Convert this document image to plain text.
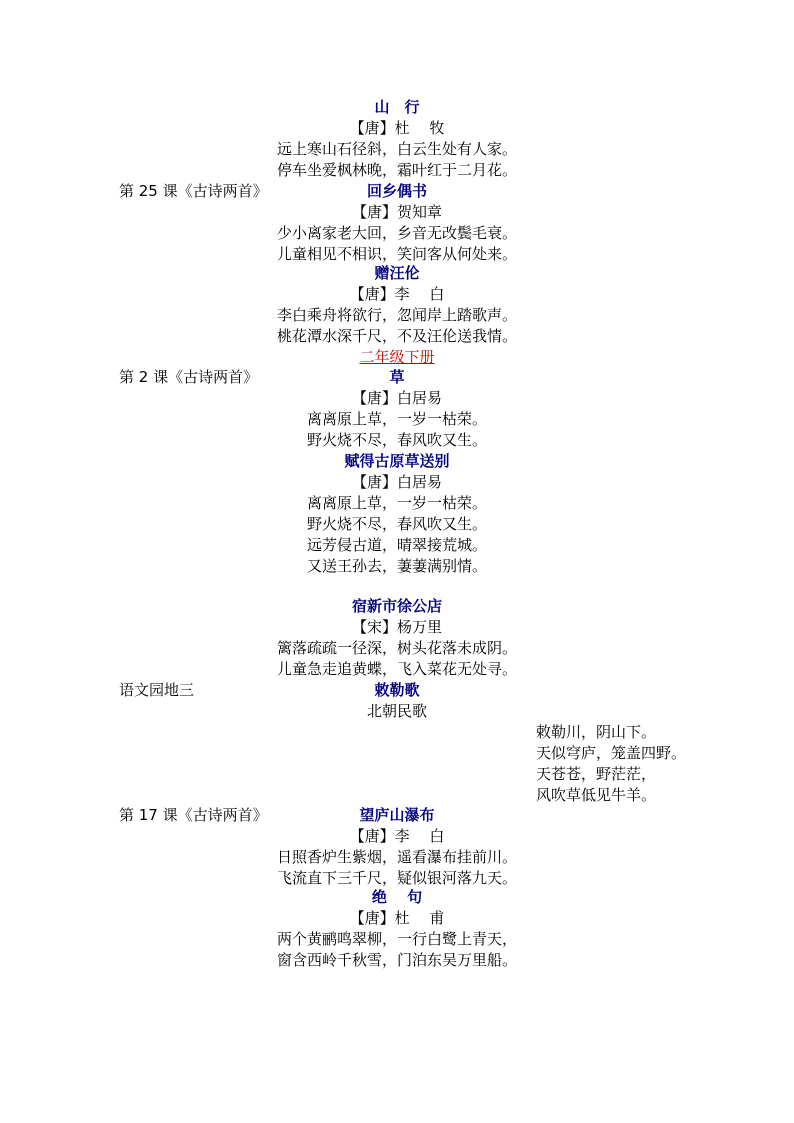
山　行
【唐】杜　 牧
远上寒山石径斜，白云生处有人家。
停车坐爱枫林晚，霜叶红于二月花。
第 25 课《古诗两首》	回乡偶书
【唐】贺知章
少小离家老大回，乡音无改鬓毛衰。
儿童相见不相识，笑问客从何处来。
赠汪伦
【唐】李　 白
李白乘舟将欲行，忽闻岸上踏歌声。
桃花潭水深千尺，不及汪伦送我情。
二年级下册
第 2 课《古诗两首》	草
【唐】白居易
离离原上草，一岁一枯荣。
野火烧不尽，春风吹又生。
赋得古原草送别
【唐】白居易
离离原上草，一岁一枯荣。
野火烧不尽，春风吹又生。
远芳侵古道，晴翠接荒城。
又送王孙去，萋萋满别情。
宿新市徐公店
【宋】杨万里
篱落疏疏一径深，树头花落未成阴。
儿童急走追黄蝶，飞入菜花无处寻。
语文园地三	敕勒歌
北朝民歌
敕勒川，阴山下。
天似穹庐，笼盖四野。
天苍苍，野茫茫，
风吹草低见牛羊。
第 17 课《古诗两首》	望庐山瀑布
【唐】李　 白
日照香炉生紫烟，遥看瀑布挂前川。
飞流直下三千尺，疑似银河落九天。
绝　 句
【唐】杜　 甫
两个黄鹂鸣翠柳，一行白鹭上青天，
窗含西岭千秋雪，门泊东吴万里船。
